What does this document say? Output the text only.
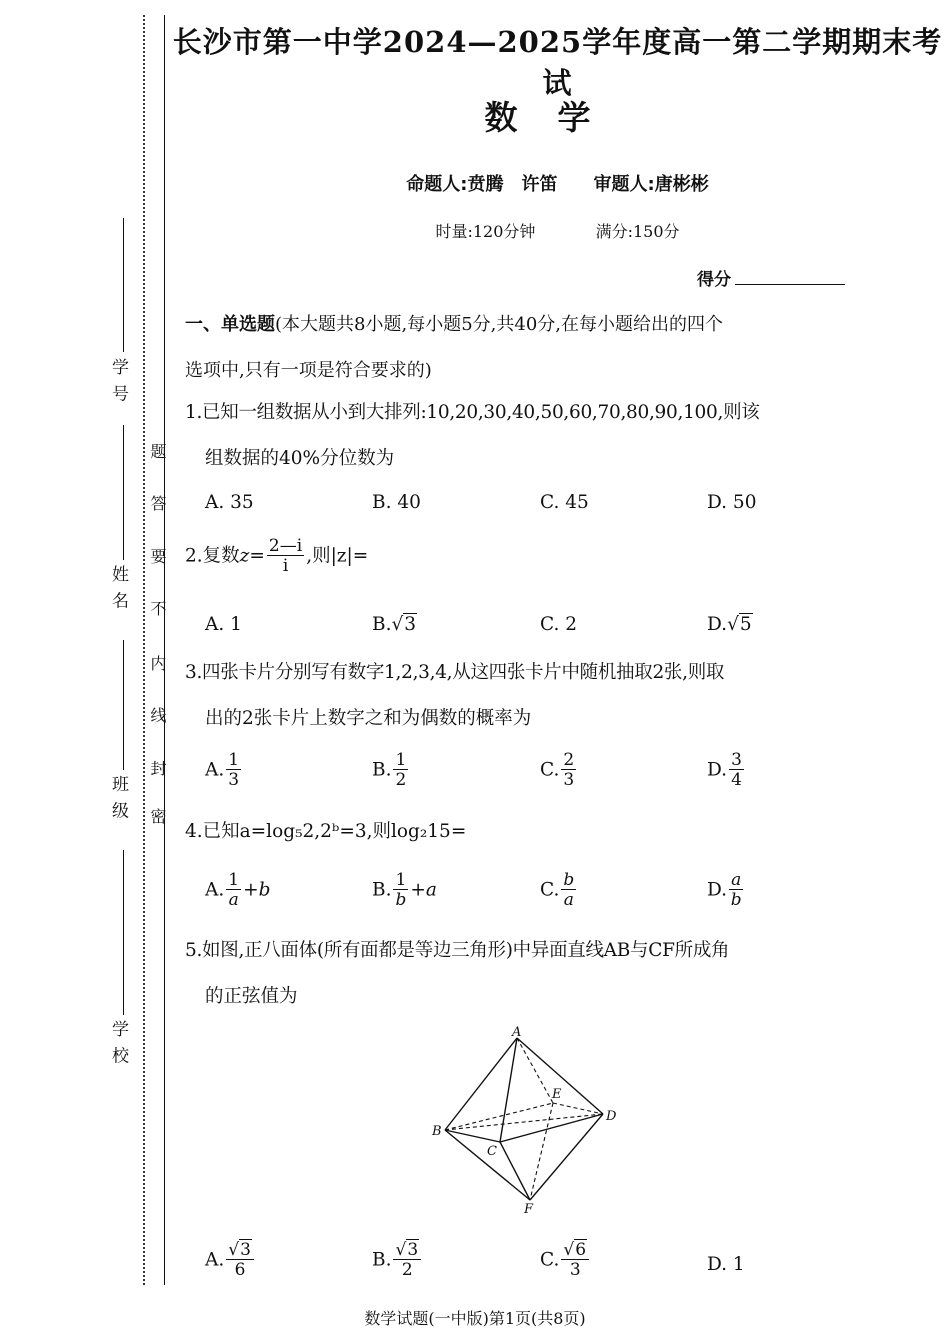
学 号
姓 名
班 级
学 校
密
封
线
内
不
要
答
题
长沙市第一中学2024—2025学年度高一第二学期期末考试
数学
命题人:贲腾　许笛　　审题人:唐彬彬
时量:120分钟	满分:150分
得分
一、单选题(本大题共8小题,每小题5分,共40分,在每小题给出的四个
选项中,只有一项是符合要求的)
1.已知一组数据从小到大排列:10,20,30,40,50,60,70,80,90,100,则该
组数据的40%分位数为
A. 35	B. 40	C. 45	D. 50
2.复数$z= \frac{2—i}{i}$ ,则|z|=
A. 1	B.√3	C. 2	D.√5
3.四张卡片分别写有数字1,2,3,4,从这四张卡片中随机抽取2张,则取
出的2张卡片上数字之和为偶数的概率为
A. $\frac{1}{3}$	B. $\frac{1}{2}$	C. $\frac{2}{3}$	D. $\frac{3}{4}$
4.已知a=log₅2,2ᵇ=3,则log₂15=
A. $\frac{1}{a} +b$	B. $\frac{1}{b} +a$	C. $\frac{b}{a}$	D. $\frac{a}{b}$
5.如图,正八面体(所有面都是等边三角形)中异面直线AB与CF所成角
的正弦值为
A
B
C
D
E
F
A. $\frac{√3}{6}$	B. $\frac{√3}{2}$	C. $\frac{√6}{3}$	D. 1
数学试题(一中版)第1页(共8页)
